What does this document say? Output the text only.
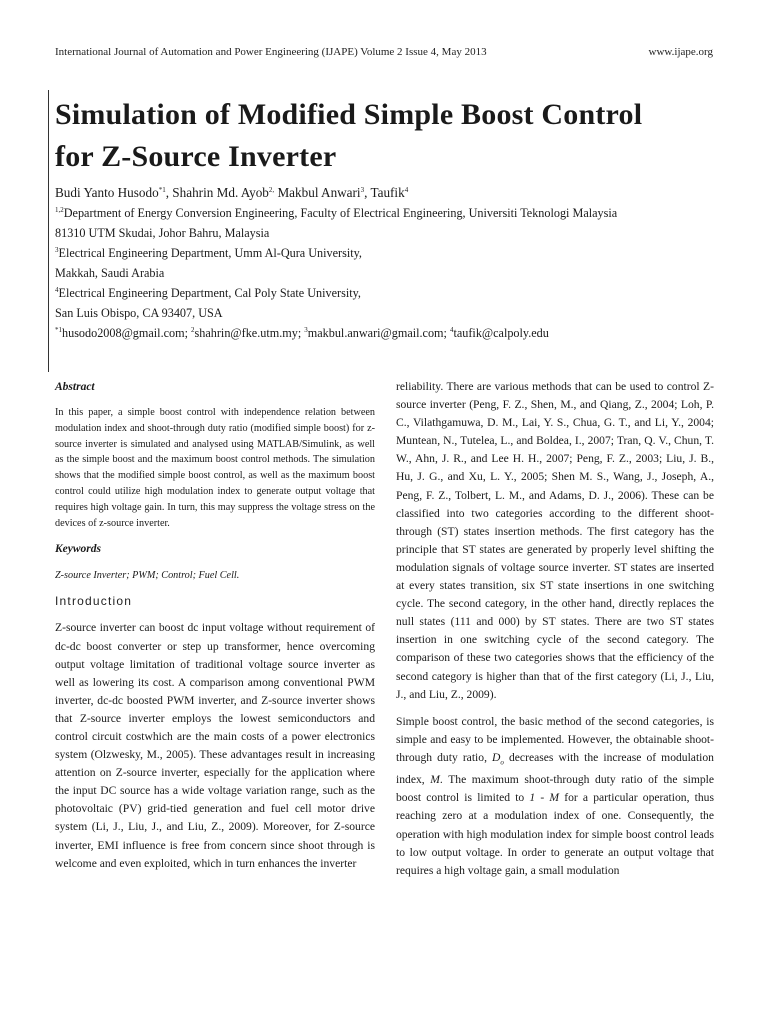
International Journal of Automation and Power Engineering (IJAPE) Volume 2 Issue 4, May 2013	www.ijape.org
Simulation of Modified Simple Boost Control
for Z-Source Inverter
Budi Yanto Husodo$^{*1}$, Shahrin Md. Ayob$^{2,}$ Makbul Anwari$^3$, Taufik$^4$
$^{1,2}$Department of Energy Conversion Engineering, Faculty of Electrical Engineering, Universiti Teknologi Malaysia
81310 UTM Skudai, Johor Bahru, Malaysia
$^3$Electrical Engineering Department, Umm Al-Qura University,
Makkah, Saudi Arabia
$^4$Electrical Engineering Department, Cal Poly State University,
San Luis Obispo, CA 93407, USA
$^{*1}$husodo2008@gmail.com; $^2$shahrin@fke.utm.my; $^3$makbul.anwari@gmail.com; $^4$taufik@calpoly.edu

Abstract

In this paper, a simple boost control with independence relation between modulation index and shoot-through duty ratio (modified simple boost) for z-source inverter is simulated and analysed using MATLAB/Simulink, as well as the simple boost and the maximum boost control methods. The simulation shows that the modified simple boost control, as well as the maximum boost control could utilize high modulation index to generate output voltage that requires high voltage gain. In turn, this may suppress the voltage stress on the devices of z-source inverter.

Keywords

Z-source Inverter; PWM; Control; Fuel Cell.

Introduction

Z-source inverter can boost dc input voltage without requirement of dc-dc boost converter or step up transformer, hence overcoming output voltage limitation of traditional voltage source inverter as well as lowering its cost. A comparison among conventional PWM inverter, dc-dc boosted PWM inverter, and Z-source inverter shows that Z-source inverter employs the lowest semiconductors and control circuit costwhich are the main costs of a power electronics system (Olzwesky, M., 2005). These advantages result in increasing attention on Z-source inverter, especially for the application where the input DC source has a wide voltage variation range, such as the photovoltaic (PV) grid-tied generation and fuel cell motor drive system (Li, J., Liu, J., and Liu, Z., 2009). Moreover, for Z-source inverter, EMI influence is free from concern since shoot through is welcome and even exploited, which in turn enhances the inverter

reliability. There are various methods that can be used to control Z-source inverter (Peng, F. Z., Shen, M., and Qiang, Z., 2004; Loh, P. C., Vilathgamuwa, D. M., Lai, Y. S., Chua, G. T., and Li, Y., 2004; Muntean, N., Tutelea, L., and Boldea, I., 2007; Tran, Q. V., Chun, T. W., Ahn, J. R., and Lee H. H., 2007; Peng, F. Z., 2003; Liu, J. B., Hu, J. G., and Xu, L. Y., 2005; Shen M. S., Wang, J., Joseph, A., Peng, F. Z., Tolbert, L. M., and Adams, D. J., 2006). These can be classified into two categories according to the different shoot-through (ST) states insertion methods. The first category has the principle that ST states are generated by properly level shifting the modulation signals of voltage source inverter. ST states are inserted at every states transition, six ST state insertions in one switching cycle. The second category, in the other hand, directly replaces the null states (111 and 000) by ST states. There are two ST states insertion in one switching cycle of the second category. The comparison of these two categories shows that the efficiency of the second category is higher than that of the first category (Li, J., Liu, J., and Liu, Z., 2009).

Simple boost control, the basic method of the second categories, is simple and easy to be implemented. However, the obtainable shoot-through duty ratio, $D_o$ decreases with the increase of modulation index, M. The maximum shoot-through duty ratio of the simple boost control is limited to 1 - M for a particular operation, thus reaching zero at a modulation index of one. Consequently, the operation with high modulation index for simple boost control leads to low output voltage. In order to generate an output voltage that requires a high voltage gain, a small modulation
